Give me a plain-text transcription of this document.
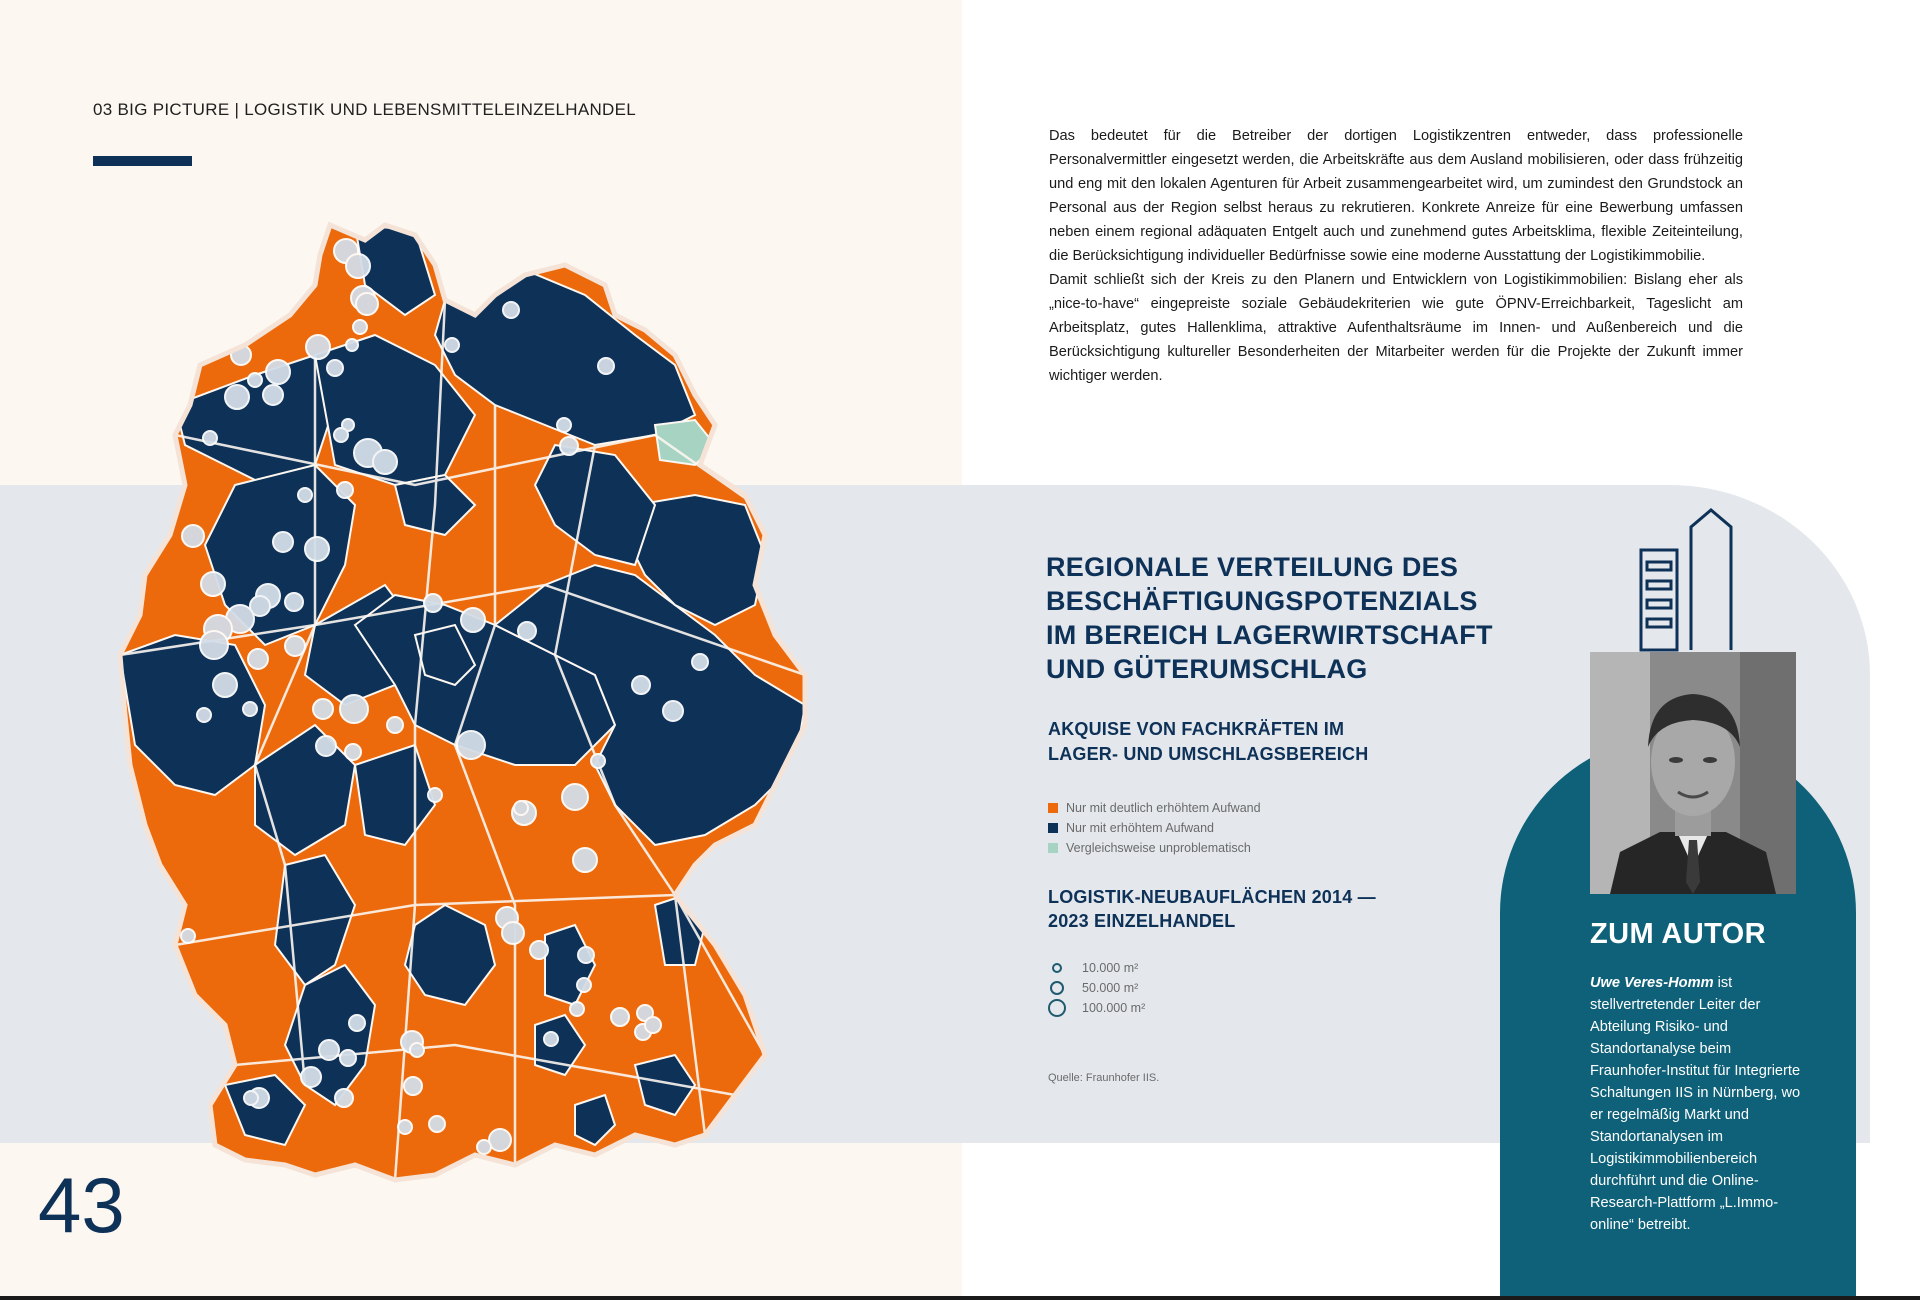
03 BIG PICTURE | LOGISTIK UND LEBENSMITTELEINZELHANDEL
43

Das bedeutet für die Betreiber der dortigen Logistikzentren entweder, dass professionelle Personalvermittler eingesetzt werden, die Arbeitskräfte aus dem Ausland mobilisieren, oder dass frühzeitig und eng mit den lokalen Agenturen für Arbeit zusammengearbeitet wird, um zumindest den Grundstock an Personal aus der Region selbst heraus zu rekrutieren. Konkrete Anreize für eine Bewerbung umfassen neben einem regional adäquaten Entgelt auch und zunehmend gutes Arbeitsklima, flexible Zeiteinteilung, die Berücksichtigung individueller Bedürfnisse sowie eine moderne Ausstattung der Logistikimmobilie.

Damit schließt sich der Kreis zu den Planern und Entwicklern von Logistikimmobilien: Bislang eher als „nice-to-have“ eingepreiste soziale Gebäudekriterien wie gute ÖPNV-Erreichbarkeit, Tageslicht am Arbeitsplatz, gutes Hallenklima, attraktive Aufenthaltsräume im Innen- und Außenbereich und die Berücksichtigung kultureller Besonderheiten der Mitarbeiter werden für die Projekte der Zukunft immer wichtiger werden.

REGIONALE VERTEILUNG DES BESCHÄFTIGUNGSPOTENZIALS IM BEREICH LAGERWIRTSCHAFT UND GÜTERUMSCHLAG
AKQUISE VON FACHKRÄFTEN IM LAGER- UND UMSCHLAGSBEREICH
Nur mit deutlich erhöhtem Aufwand
Nur mit erhöhtem Aufwand
Vergleichsweise unproblematisch
LOGISTIK-NEUBAUFLÄCHEN 2014 — 2023 EINZELHANDEL
10.000 m²
50.000 m²
100.000 m²
Quelle: Fraunhofer IIS.
ZUM AUTOR
Uwe Veres-Homm ist stellvertretender Leiter der Abteilung Risiko- und Standortanalyse beim Fraunhofer-Institut für Integrierte Schaltungen IIS in Nürnberg, wo er regelmäßig Markt und Standortanalysen im Logistikimmobilienbereich durchführt und die Online- Research-Plattform „L.Immo-online“ betreibt.
